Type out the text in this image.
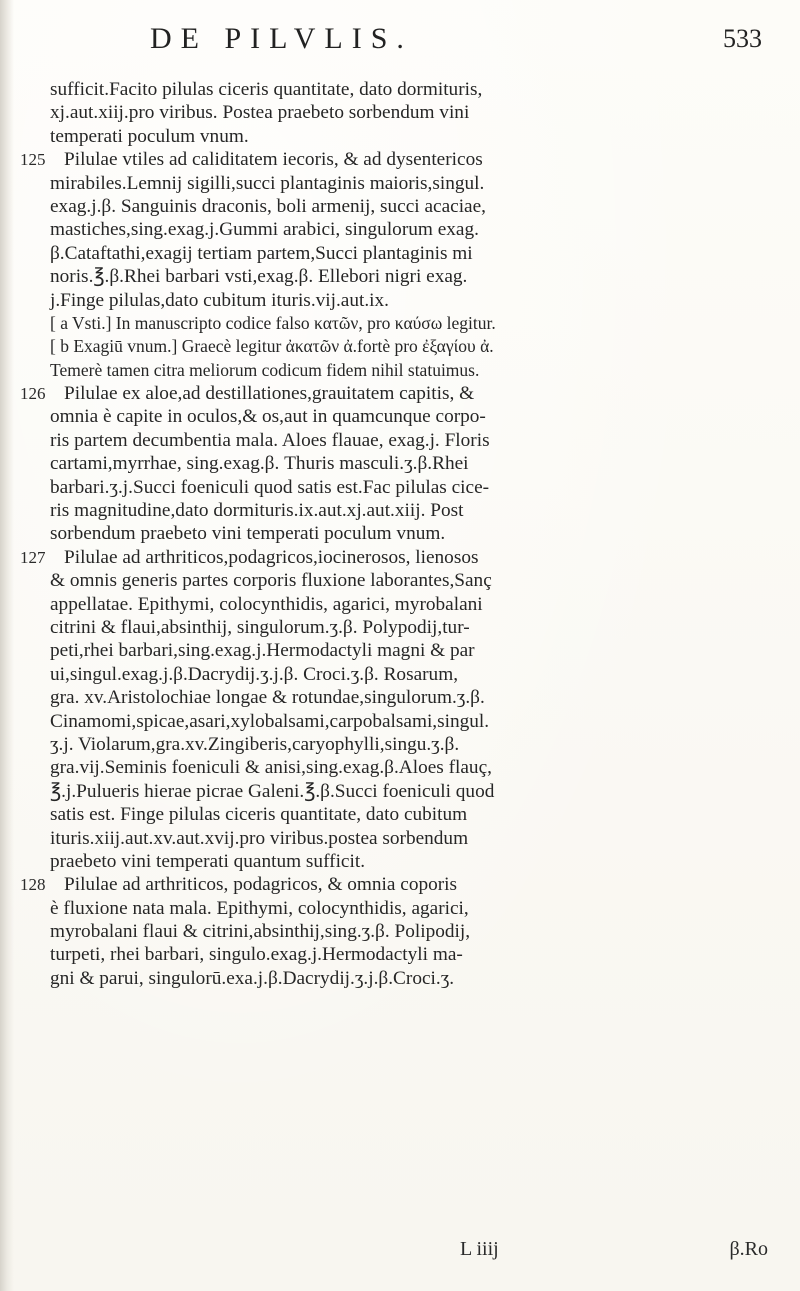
DE PILVLIS.	533
sufficit.Facito pilulas ciceris quantitate, dato dormituris,
xj.aut.xiij.pro viribus. Postea praebeto sorbendum vini
temperati poculum vnum.
125 Pilulae vtiles ad caliditatem iecoris, & ad dysentericos
mirabiles.Lemnij sigilli,succi plantaginis maioris,singul.
exag.j.β. Sanguinis draconis, boli armenij, succi acaciae,
mastiches,sing.exag.j.Gummi arabici, singulorum exag.
β.Cataftathi,exagij tertiam partem,Succi plantaginis mi
noris.℥.β.Rhei barbari vsti,exag.β. Ellebori nigri exag.
j.Finge pilulas,dato cubitum ituris.vij.aut.ix.
[ a Vsti.] In manuscripto codice falso κατῶν, pro καύσω legitur.
[ b Exagiū vnum.] Graecè legitur ἀκατῶν ἀ.fortè pro ἐξαγίου ἀ.
Temerè tamen citra meliorum codicum fidem nihil statuimus.
126 Pilulae ex aloe,ad destillationes,grauitatem capitis, &
omnia è capite in oculos,& os,aut in quamcunque corpo-
ris partem decumbentia mala. Aloes flauae, exag.j. Floris
cartami,myrrhae, sing.exag.β. Thuris masculi.ʒ.β.Rhei
barbari.ʒ.j.Succi foeniculi quod satis est.Fac pilulas cice-
ris magnitudine,dato dormituris.ix.aut.xj.aut.xiij. Post
sorbendum praebeto vini temperati poculum vnum.
127 Pilulae ad arthriticos,podagricos,iocinerosos, lienosos
& omnis generis partes corporis fluxione laborantes,Sanç
appellatae. Epithymi, colocynthidis, agarici, myrobalani
citrini & flaui,absinthij, singulorum.ʒ.β. Polypodij,tur-
peti,rhei barbari,sing.exag.j.Hermodactyli magni & par
ui,singul.exag.j.β.Dacrydij.ʒ.j.β. Croci.ʒ.β. Rosarum,
gra. xv.Aristolochiae longae & rotundae,singulorum.ʒ.β.
Cinamomi,spicae,asari,xylobalsami,carpobalsami,singul.
ʒ.j. Violarum,gra.xv.Zingiberis,caryophylli,singu.ʒ.β.
gra.vij.Seminis foeniculi & anisi,sing.exag.β.Aloes flauç,
℥.j.Pulueris hierae picrae Galeni.℥.β.Succi foeniculi quod
satis est. Finge pilulas ciceris quantitate, dato cubitum
ituris.xiij.aut.xv.aut.xvij.pro viribus.postea sorbendum
praebeto vini temperati quantum sufficit.
128 Pilulae ad arthriticos, podagricos, & omnia coporis
è fluxione nata mala. Epithymi, colocynthidis, agarici,
myrobalani flaui & citrini,absinthij,sing.ʒ.β. Polipodij,
turpeti, rhei barbari, singulo.exag.j.Hermodactyli ma-
gni & parui, singulorū.exa.j.β.Dacrydij.ʒ.j.β.Croci.ʒ.
L iiij	β.Ro
